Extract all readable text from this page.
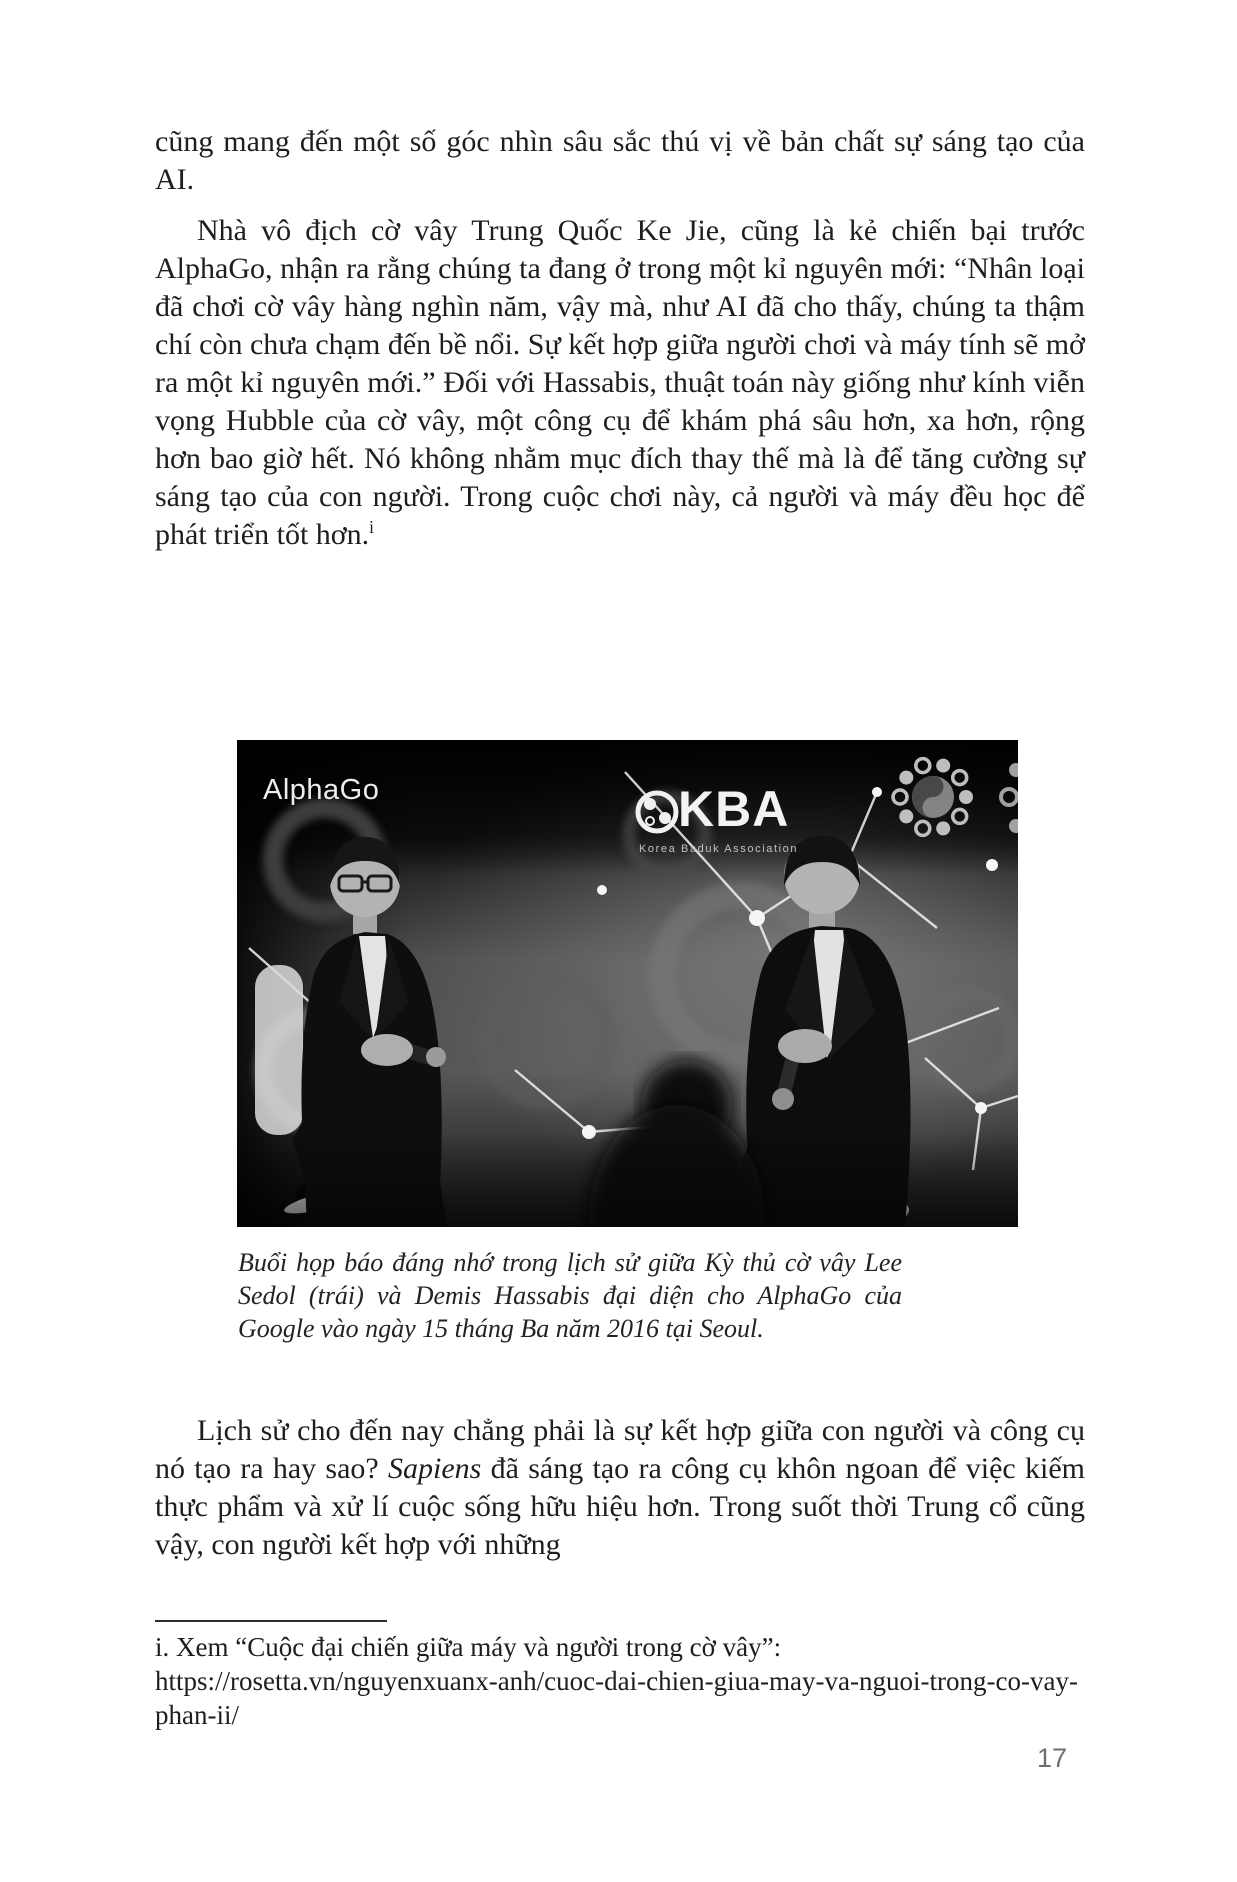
cũng mang đến một số góc nhìn sâu sắc thú vị về bản chất sự sáng tạo của AI.

Nhà vô địch cờ vây Trung Quốc Ke Jie, cũng là kẻ chiến bại trước AlphaGo, nhận ra rằng chúng ta đang ở trong một kỉ nguyên mới: “Nhân loại đã chơi cờ vây hàng nghìn năm, vậy mà, như AI đã cho thấy, chúng ta thậm chí còn chưa chạm đến bề nổi. Sự kết hợp giữa người chơi và máy tính sẽ mở ra một kỉ nguyên mới.” Đối với Hassabis, thuật toán này giống như kính viễn vọng Hubble của cờ vây, một công cụ để khám phá sâu hơn, xa hơn, rộng hơn bao giờ hết. Nó không nhằm mục đích thay thế mà là để tăng cường sự sáng tạo của con người. Trong cuộc chơi này, cả người và máy đều học để phát triển tốt hơn.$^i$

AlphaGo	KBA
Korea Baduk Association
Buổi họp báo đáng nhớ trong lịch sử giữa Kỳ thủ cờ vây Lee Sedol (trái) và Demis Hassabis đại diện cho AlphaGo của Google vào ngày 15 tháng Ba năm 2016 tại Seoul.

Lịch sử cho đến nay chẳng phải là sự kết hợp giữa con người và công cụ nó tạo ra hay sao? Sapiens đã sáng tạo ra công cụ khôn ngoan để việc kiếm thực phẩm và xử lí cuộc sống hữu hiệu hơn. Trong suốt thời Trung cổ cũng vậy, con người kết hợp với những

i. Xem “Cuộc đại chiến giữa máy và người trong cờ vây”: https://rosetta.vn/nguyenxuanx-anh/cuoc-dai-chien-giua-may-va-nguoi-trong-co-vay-phan-ii/

17
